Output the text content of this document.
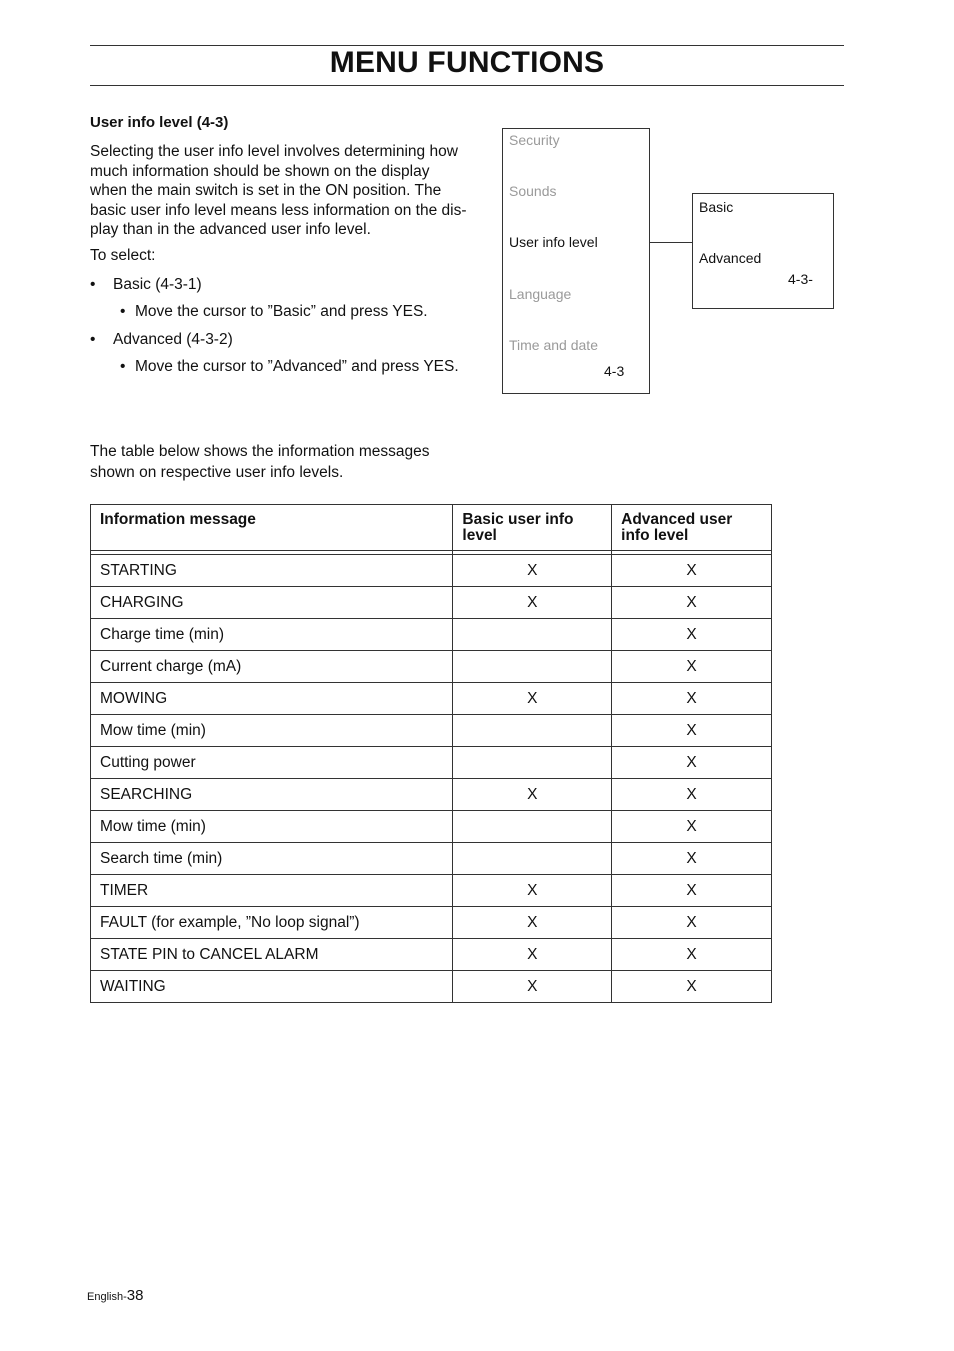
MENU FUNCTIONS
User info level (4-3)

Selecting the user info level involves determining how
much information should be shown on the display
when the main switch is set in the ON position. The
basic user info level means less information on the dis-
play than in the advanced user info level.

To select:
• Basic (4-3-1)
• Move the cursor to ”Basic” and press YES.
• Advanced (4-3-2)
• Move the cursor to ”Advanced” and press YES.
Security
Sounds
User info level
Language
Time and date
4-3
Basic
Advanced
4-3-

The table below shows the information messages
shown on respective user info levels.

Information message	Basic user info level	Advanced user info level

STARTING	X	X
CHARGING	X	X
Charge time (min)		X
Current charge (mA)		X
MOWING	X	X
Mow time (min)		X
Cutting power		X
SEARCHING	X	X
Mow time (min)		X
Search time (min)		X
TIMER	X	X
FAULT (for example, ”No loop signal”)	X	X
STATE PIN to CANCEL ALARM	X	X
WAITING	X	X
English-38
